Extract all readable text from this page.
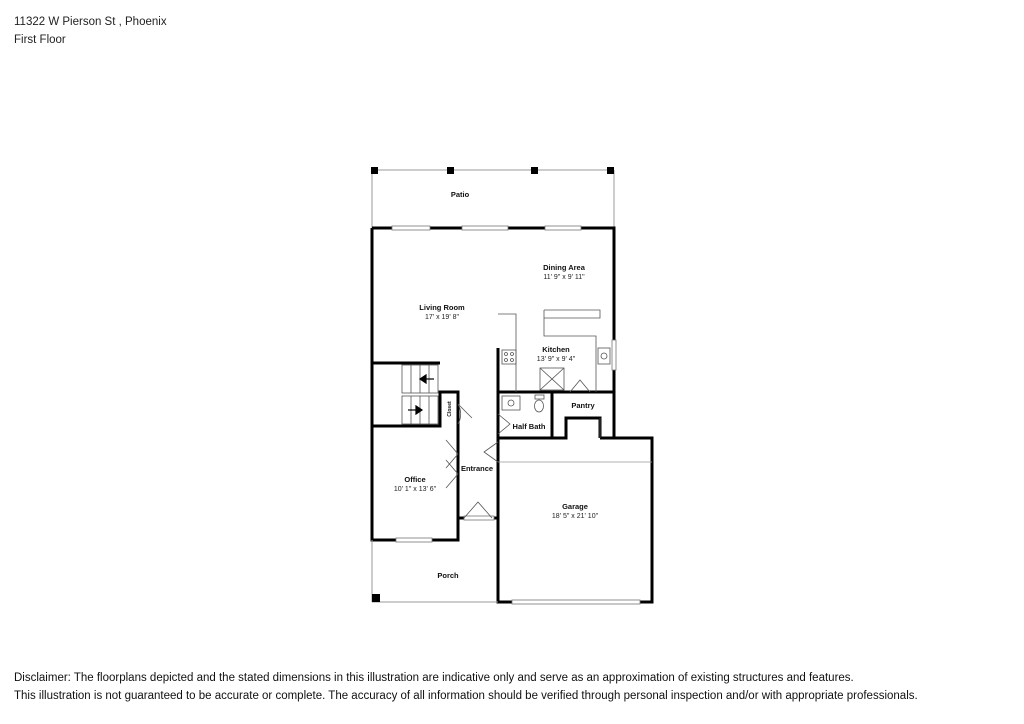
11322 W Pierson St , Phoenix
First Floor
Patio
Dining Area
11' 9" x 9' 11"
Living Room
17' x 19' 8"
Kitchen
13' 9" x 9' 4"
Closet	Pantry
Half Bath
Entrance
Office
10' 1" x 13' 6"
Garage
18' 5" x 21' 10"
Porch
Disclaimer: The floorplans depicted and the stated dimensions in this illustration are indicative only and serve as an approximation of existing structures and features.
This illustration is not guaranteed to be accurate or complete. The accuracy of all information should be verified through personal inspection and/or with appropriate professionals.
